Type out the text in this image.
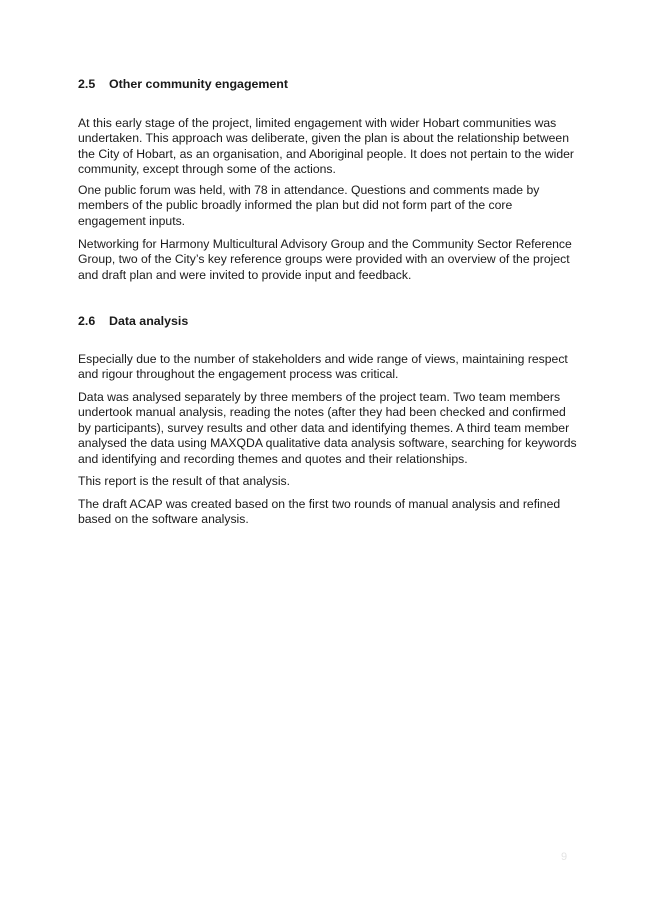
2.5 Other community engagement

At this early stage of the project, limited engagement with wider Hobart communities was undertaken. This approach was deliberate, given the plan is about the relationship between the City of Hobart, as an organisation, and Aboriginal people. It does not pertain to the wider community, except through some of the actions.

One public forum was held, with 78 in attendance. Questions and comments made by members of the public broadly informed the plan but did not form part of the core engagement inputs.

Networking for Harmony Multicultural Advisory Group and the Community Sector Reference Group, two of the City’s key reference groups were provided with an overview of the project and draft plan and were invited to provide input and feedback.

2.6 Data analysis

Especially due to the number of stakeholders and wide range of views, maintaining respect and rigour throughout the engagement process was critical.

Data was analysed separately by three members of the project team. Two team members undertook manual analysis, reading the notes (after they had been checked and confirmed by participants), survey results and other data and identifying themes. A third team member analysed the data using MAXQDA qualitative data analysis software, searching for keywords and identifying and recording themes and quotes and their relationships.

This report is the result of that analysis.

The draft ACAP was created based on the first two rounds of manual analysis and refined based on the software analysis.

9
